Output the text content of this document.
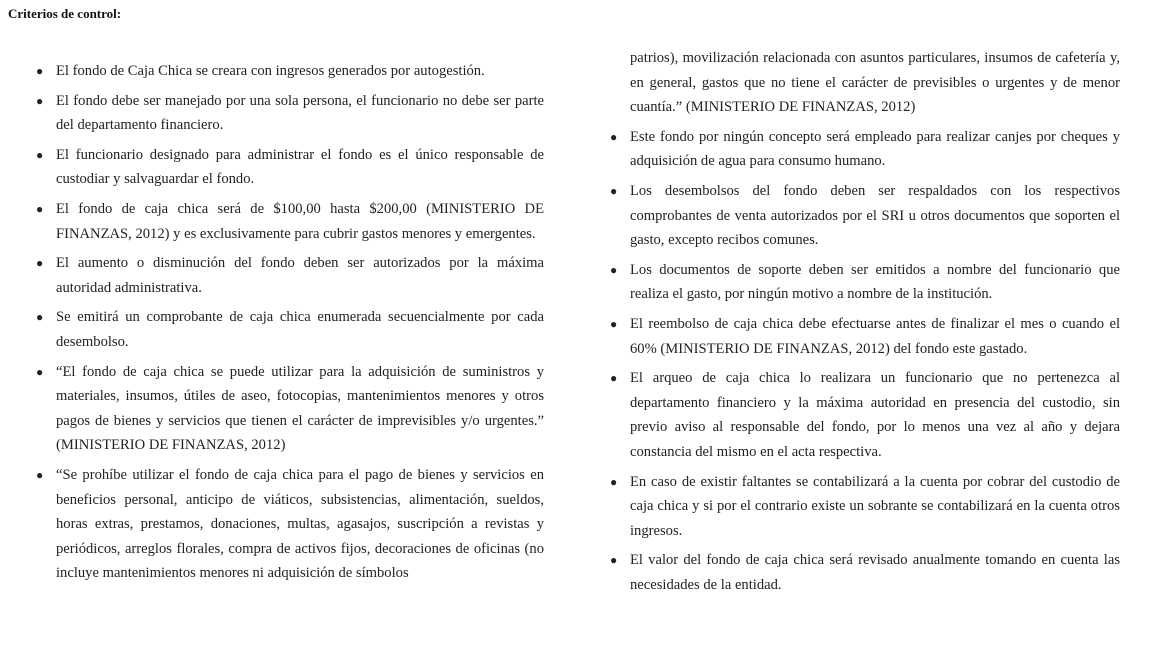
Criterios de control:
● El fondo de Caja Chica se creara con ingresos generados por autogestión.
● El fondo debe ser manejado por una sola persona, el funcionario no debe ser parte del departamento financiero.
● El funcionario designado para administrar el fondo es el único responsable de custodiar y salvaguardar el fondo.
● El fondo de caja chica será de $100,00 hasta $200,00 (MINISTERIO DE FINANZAS, 2012) y es exclusivamente para cubrir gastos menores y emergentes.
● El aumento o disminución del fondo deben ser autorizados por la máxima autoridad administrativa.
● Se emitirá un comprobante de caja chica enumerada secuencialmente por cada desembolso.
● “El fondo de caja chica se puede utilizar para la adquisición de suministros y materiales, insumos, útiles de aseo, fotocopias, mantenimientos menores y otros pagos de bienes y servicios que tienen el carácter de imprevisibles y/o urgentes.” (MINISTERIO DE FINANZAS, 2012)
● “Se prohíbe utilizar el fondo de caja chica para el pago de bienes y servicios en beneficios personal, anticipo de viáticos, subsistencias, alimentación, sueldos, horas extras, prestamos, donaciones, multas, agasajos, suscripción a revistas y periódicos, arreglos florales, compra de activos fijos, decoraciones de oficinas (no incluye mantenimientos menores ni adquisición de símbolos
patrios), movilización relacionada con asuntos particulares, insumos de cafetería y, en general, gastos que no tiene el carácter de previsibles o urgentes y de menor cuantía.” (MINISTERIO DE FINANZAS, 2012)
● Este fondo por ningún concepto será empleado para realizar canjes por cheques y adquisición de agua para consumo humano.
● Los desembolsos del fondo deben ser respaldados con los respectivos comprobantes de venta autorizados por el SRI u otros documentos que soporten el gasto, excepto recibos comunes.
● Los documentos de soporte deben ser emitidos a nombre del funcionario que realiza el gasto, por ningún motivo a nombre de la institución.
● El reembolso de caja chica debe efectuarse antes de finalizar el mes o cuando el 60% (MINISTERIO DE FINANZAS, 2012) del fondo este gastado.
● El arqueo de caja chica lo realizara un funcionario que no pertenezca al departamento financiero y la máxima autoridad en presencia del custodio, sin previo aviso al responsable del fondo, por lo menos una vez al año y dejara constancia del mismo en el acta respectiva.
● En caso de existir faltantes se contabilizará a la cuenta por cobrar del custodio de caja chica y si por el contrario existe un sobrante se contabilizará en la cuenta otros ingresos.
● El valor del fondo de caja chica será revisado anualmente tomando en cuenta las necesidades de la entidad.
